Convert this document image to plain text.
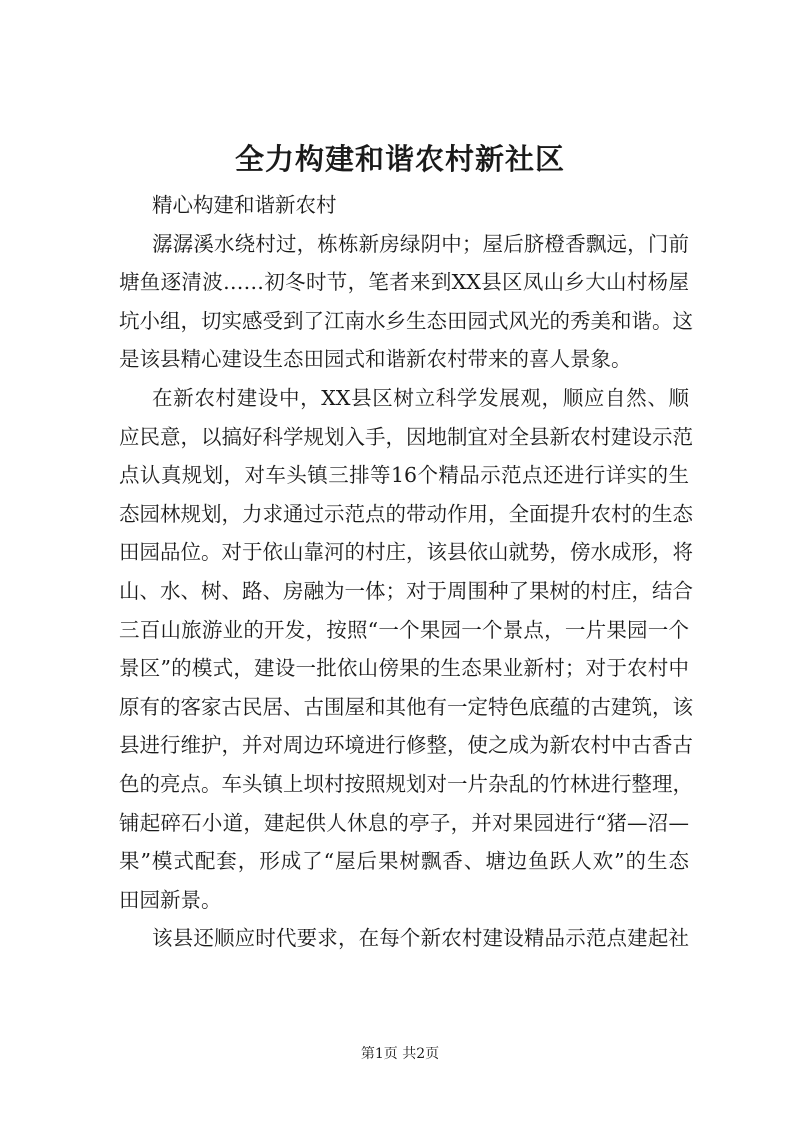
全力构建和谐农村新社区
精心构建和谐新农村
潺潺溪水绕村过，栋栋新房绿阴中；屋后脐橙香飘远，门前
塘鱼逐清波……初冬时节，笔者来到XX县区凤山乡大山村杨屋
坑小组，切实感受到了江南水乡生态田园式风光的秀美和谐。这
是该县精心建设生态田园式和谐新农村带来的喜人景象。
在新农村建设中，XX县区树立科学发展观，顺应自然、顺
应民意，以搞好科学规划入手，因地制宜对全县新农村建设示范
点认真规划，对车头镇三排等16个精品示范点还进行详实的生
态园林规划，力求通过示范点的带动作用，全面提升农村的生态
田园品位。对于依山靠河的村庄，该县依山就势，傍水成形，将
山、水、树、路、房融为一体；对于周围种了果树的村庄，结合
三百山旅游业的开发，按照“一个果园一个景点，一片果园一个
景区”的模式，建设一批依山傍果的生态果业新村；对于农村中
原有的客家古民居、古围屋和其他有一定特色底蕴的古建筑，该
县进行维护，并对周边环境进行修整，使之成为新农村中古香古
色的亮点。车头镇上坝村按照规划对一片杂乱的竹林进行整理，
铺起碎石小道，建起供人休息的亭子，并对果园进行“猪—沼—
果”模式配套，形成了“屋后果树飘香、塘边鱼跃人欢”的生态
田园新景。
该县还顺应时代要求，在每个新农村建设精品示范点建起社
第1页 共2页
